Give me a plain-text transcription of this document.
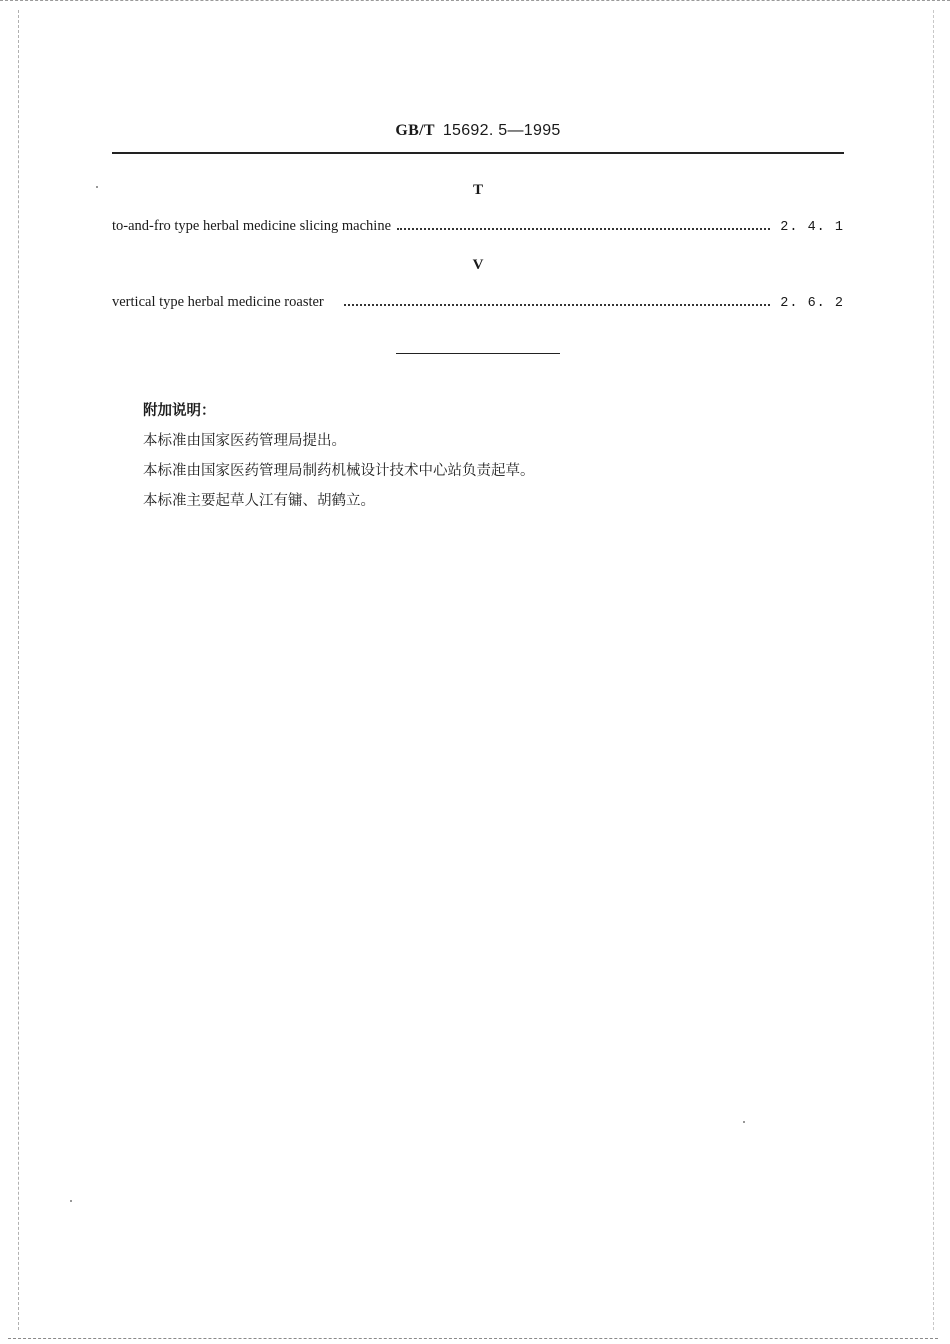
GB/T 15692. 5—1995
T
to-and-fro type herbal medicine slicing machine	2. 4. 1
V
vertical type herbal medicine roaster	2. 6. 2

附加说明：

本标准由国家医药管理局提出。

本标准由国家医药管理局制药机械设计技术中心站负责起草。

本标准主要起草人江有镛、胡鹤立。
